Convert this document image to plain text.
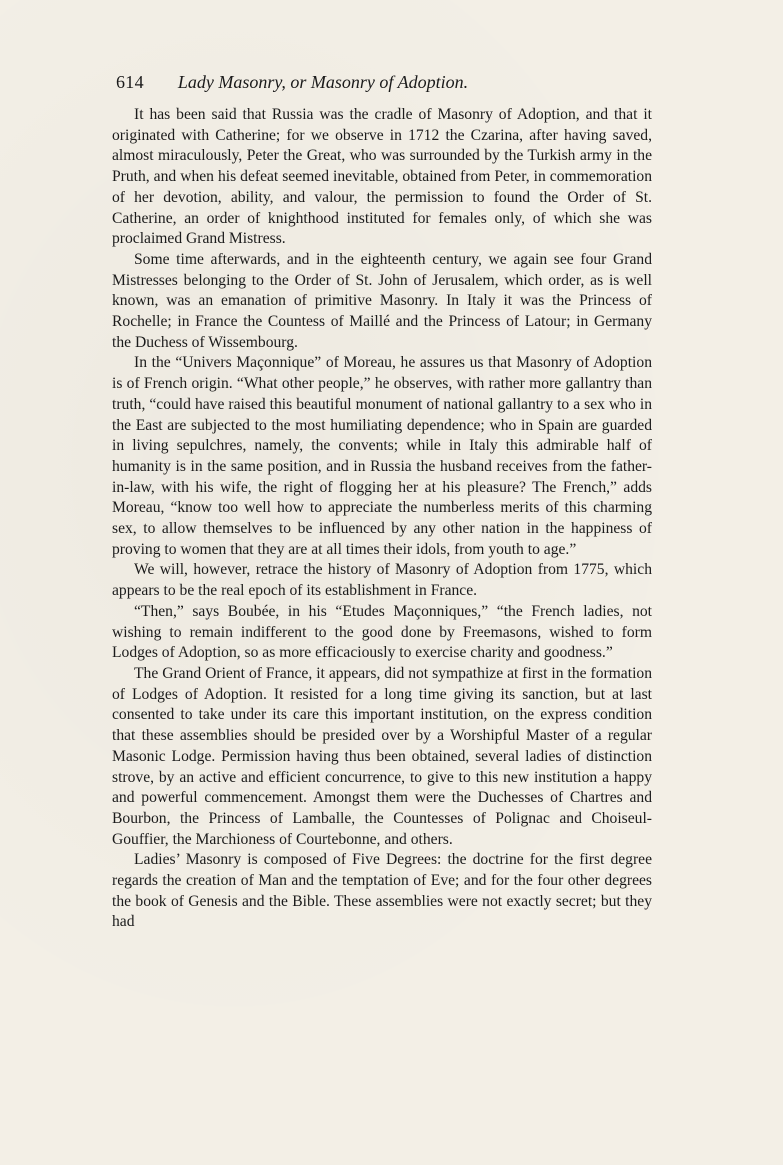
614 Lady Masonry, or Masonry of Adoption.

It has been said that Russia was the cradle of Masonry of Adoption, and that it originated with Catherine; for we observe in 1712 the Czarina, after having saved, almost miraculously, Peter the Great, who was surrounded by the Turkish army in the Pruth, and when his defeat seemed inevitable, obtained from Peter, in commemoration of her devotion, ability, and valour, the permission to found the Order of St. Catherine, an order of knighthood instituted for females only, of which she was proclaimed Grand Mistress.

Some time afterwards, and in the eighteenth century, we again see four Grand Mistresses belonging to the Order of St. John of Jerusalem, which order, as is well known, was an emanation of primitive Masonry. In Italy it was the Princess of Rochelle; in France the Countess of Maillé and the Princess of Latour; in Germany the Duchess of Wissembourg.

In the “Univers Maçonnique” of Moreau, he assures us that Masonry of Adoption is of French origin. “What other people,” he observes, with rather more gallantry than truth, “could have raised this beautiful monument of national gallantry to a sex who in the East are subjected to the most humiliating dependence; who in Spain are guarded in living sepulchres, namely, the convents; while in Italy this admirable half of humanity is in the same position, and in Russia the husband receives from the father-in-law, with his wife, the right of flogging her at his pleasure? The French,” adds Moreau, “know too well how to appreciate the numberless merits of this charming sex, to allow themselves to be influenced by any other nation in the happiness of proving to women that they are at all times their idols, from youth to age.”

We will, however, retrace the history of Masonry of Adoption from 1775, which appears to be the real epoch of its establishment in France.

“Then,” says Boubée, in his “Etudes Maçonniques,” “the French ladies, not wishing to remain indifferent to the good done by Freemasons, wished to form Lodges of Adoption, so as more efficaciously to exercise charity and goodness.”

The Grand Orient of France, it appears, did not sympathize at first in the formation of Lodges of Adoption. It resisted for a long time giving its sanction, but at last consented to take under its care this important institution, on the express condition that these assemblies should be presided over by a Worshipful Master of a regular Masonic Lodge. Permission having thus been obtained, several ladies of distinction strove, by an active and efficient concurrence, to give to this new institution a happy and powerful commencement. Amongst them were the Duchesses of Chartres and Bourbon, the Princess of Lamballe, the Countesses of Polignac and Choiseul-Gouffier, the Marchioness of Courtebonne, and others.

Ladies’ Masonry is composed of Five Degrees: the doctrine for the first degree regards the creation of Man and the temptation of Eve; and for the four other degrees the book of Genesis and the Bible. These assemblies were not exactly secret; but they had
